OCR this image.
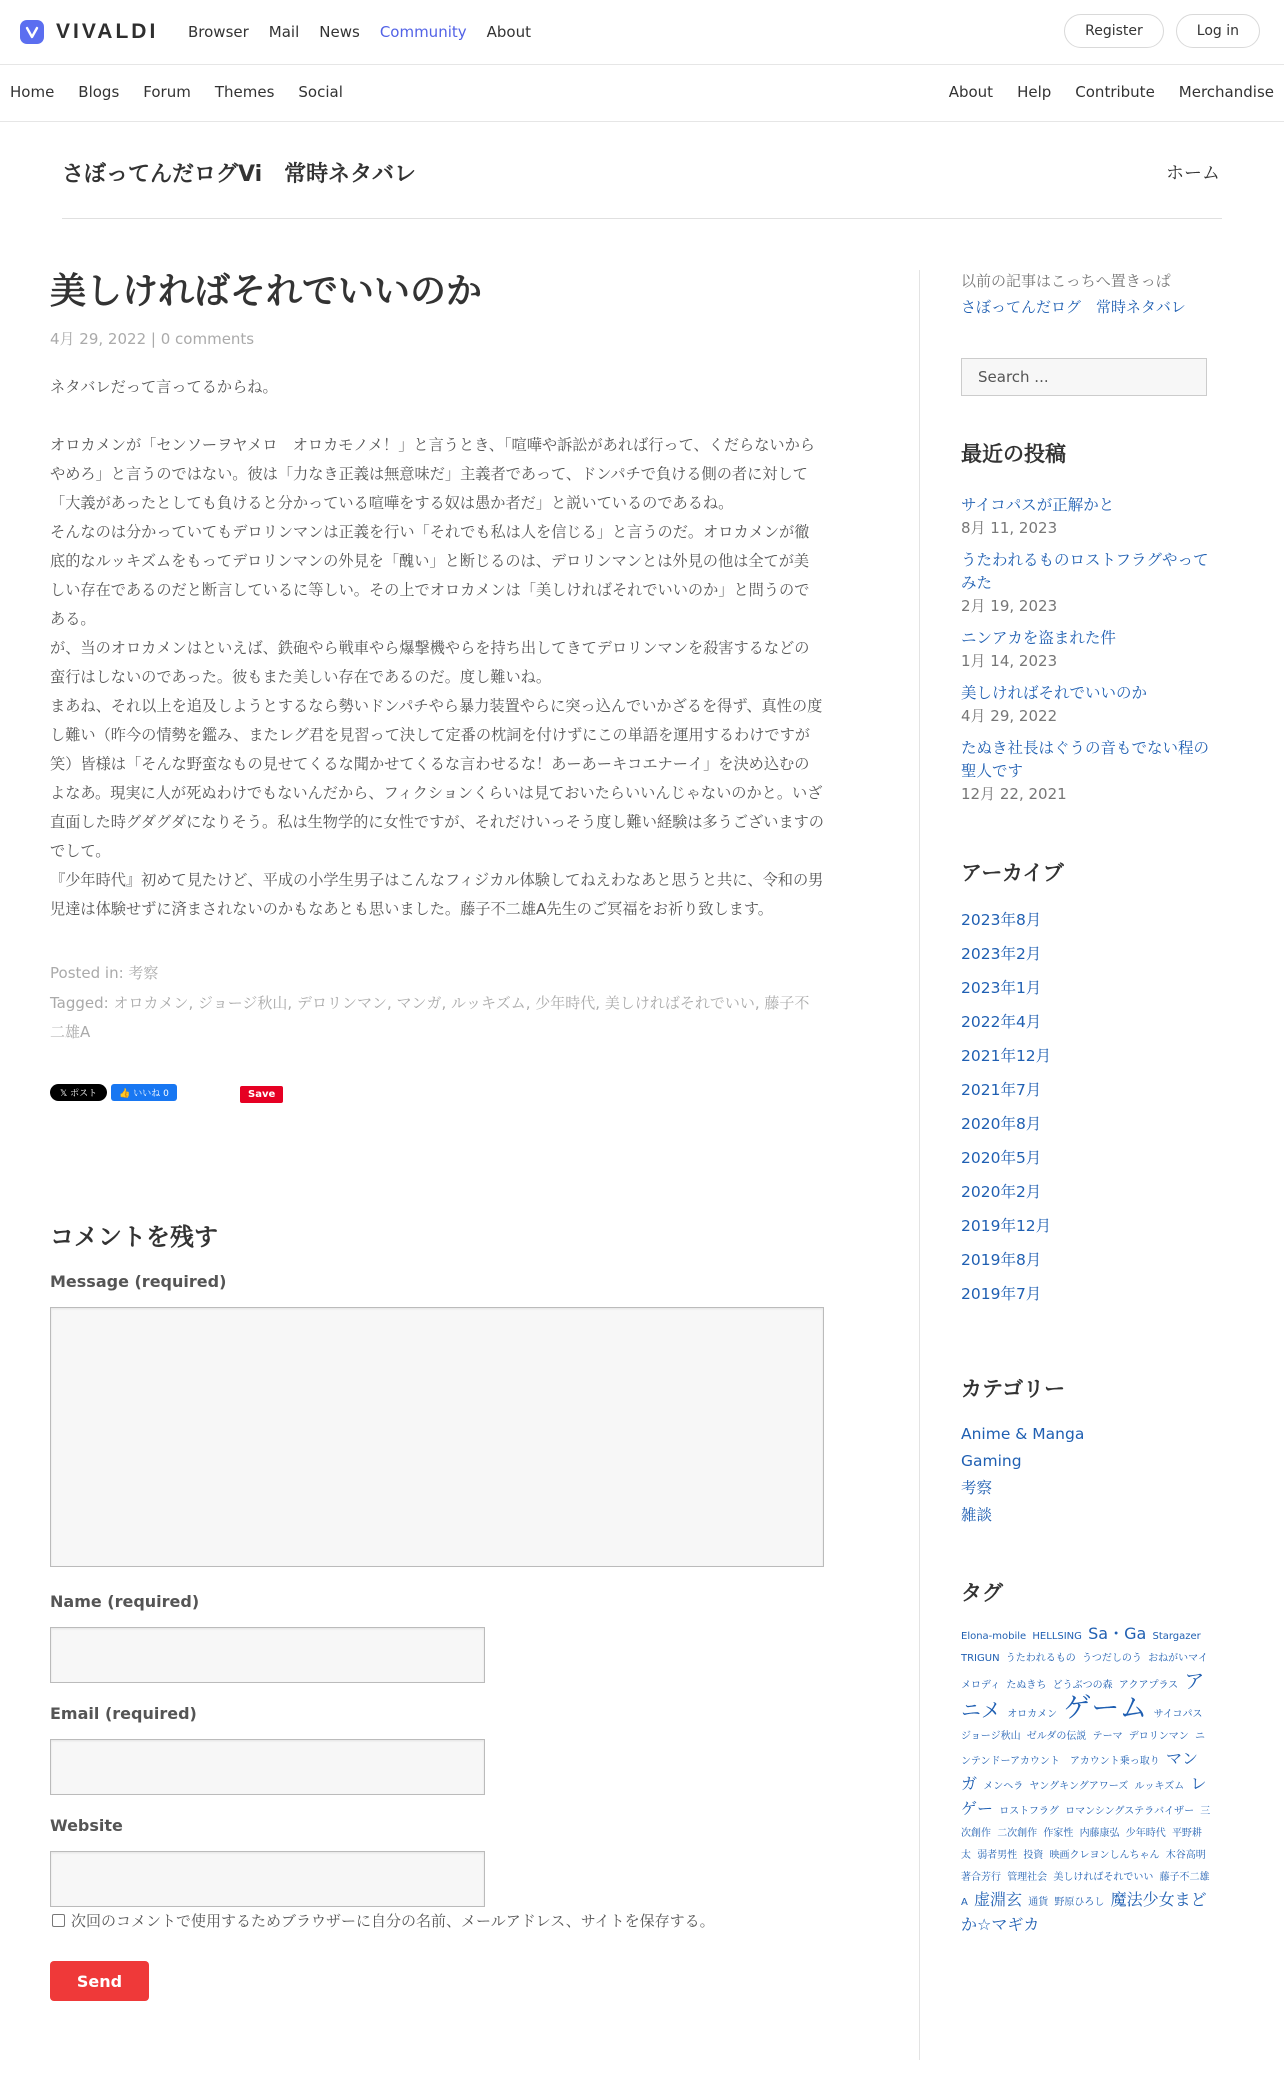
VIVALDI Browser Mail News Community About	Register	Log in
Home Blogs Forum Themes Social	About Help Contribute Merchandise
さぼってんだログVi　常時ネタバレ	ホーム
美しければそれでいいのか
4月 29, 2022 | 0 comments

ネタバレだって言ってるからね。

オロカメンが「センソーヲヤメロ　オロカモノメ！」と言うとき、「喧嘩や訴訟があれば行って、くだらないからやめろ」と言うのではない。彼は「力なき正義は無意味だ」主義者であって、ドンパチで負ける側の者に対して「大義があったとしても負けると分かっている喧嘩をする奴は愚か者だ」と説いているのであるね。

そんなのは分かっていてもデロリンマンは正義を行い「それでも私は人を信じる」と言うのだ。オロカメンが徹底的なルッキズムをもってデロリンマンの外見を「醜い」と断じるのは、デロリンマンとは外見の他は全てが美しい存在であるのだと断言しているに等しい。その上でオロカメンは「美しければそれでいいのか」と問うのである。

が、当のオロカメンはといえば、鉄砲やら戦車やら爆撃機やらを持ち出してきてデロリンマンを殺害するなどの蛮行はしないのであった。彼もまた美しい存在であるのだ。度し難いね。

まあね、それ以上を追及しようとするなら勢いドンパチやら暴力装置やらに突っ込んでいかざるを得ず、真性の度し難い（昨今の情勢を鑑み、またレグ君を見習って決して定番の枕詞を付けずにこの単語を運用するわけですが笑）皆様は「そんな野蛮なもの見せてくるな聞かせてくるな言わせるな！あーあーキコエナーイ」を決め込むのよなあ。現実に人が死ぬわけでもないんだから、フィクションくらいは見ておいたらいいんじゃないのかと。いざ直面した時グダグダになりそう。私は生物学的に女性ですが、それだけいっそう度し難い経験は多うございますのでして。

『少年時代』初めて見たけど、平成の小学生男子はこんなフィジカル体験してねえわなあと思うと共に、令和の男児達は体験せずに済まされないのかもなあとも思いました。藤子不二雄A先生のご冥福をお祈り致します。

Posted in: 考察
Tagged: オロカメン, ジョージ秋山, デロリンマン, マンガ, ルッキズム, 少年時代, 美しければそれでいい, 藤子不二雄A
𝕏 ポスト	👍 いいね 0	Save
コメントを残す
Message (required)
Name (required)
Email (required)
Website
次回のコメントで使用するためブラウザーに自分の名前、メールアドレス、サイトを保存する。
Send
以前の記事はこっちへ置きっぱ
さぼってんだログ　常時ネタバレ
Search ...
最近の投稿
サイコパスが正解かと
8月 11, 2023
うたわれるものロストフラグやってみた
2月 19, 2023
ニンアカを盗まれた件
1月 14, 2023
美しければそれでいいのか
4月 29, 2022
たぬき社長はぐうの音もでない程の聖人です
12月 22, 2021
アーカイブ
2023年8月
2023年2月
2023年1月
2022年4月
2021年12月
2021年7月
2020年8月
2020年5月
2020年2月
2019年12月
2019年8月
2019年7月
カテゴリー
Anime & Manga
Gaming
考察
雑談
タグ
Elona-mobile HELLSING Sa・Ga Stargazer TRIGUN うたわれるもの うつだしのう おねがいマイメロディ たぬきち どうぶつの森 アクアプラス アニメ オロカメン ゲーム サイコパス ジョージ秋山 ゼルダの伝説 テーマ デロリンマン ニンテンドーアカウント　アカウント乗っ取り マンガ メンヘラ ヤングキングアワーズ ルッキズム レゲー ロストフラグ ロマンシングステラバイザー 三次創作 二次創作 作家性 内藤康弘 少年時代 平野耕太 弱者男性 投資 映画クレヨンしんちゃん 木谷高明 著合芳行 管理社会 美しければそれでいい 藤子不二雄A 虚淵玄 通貨 野原ひろし 魔法少女まどか☆マギカ
